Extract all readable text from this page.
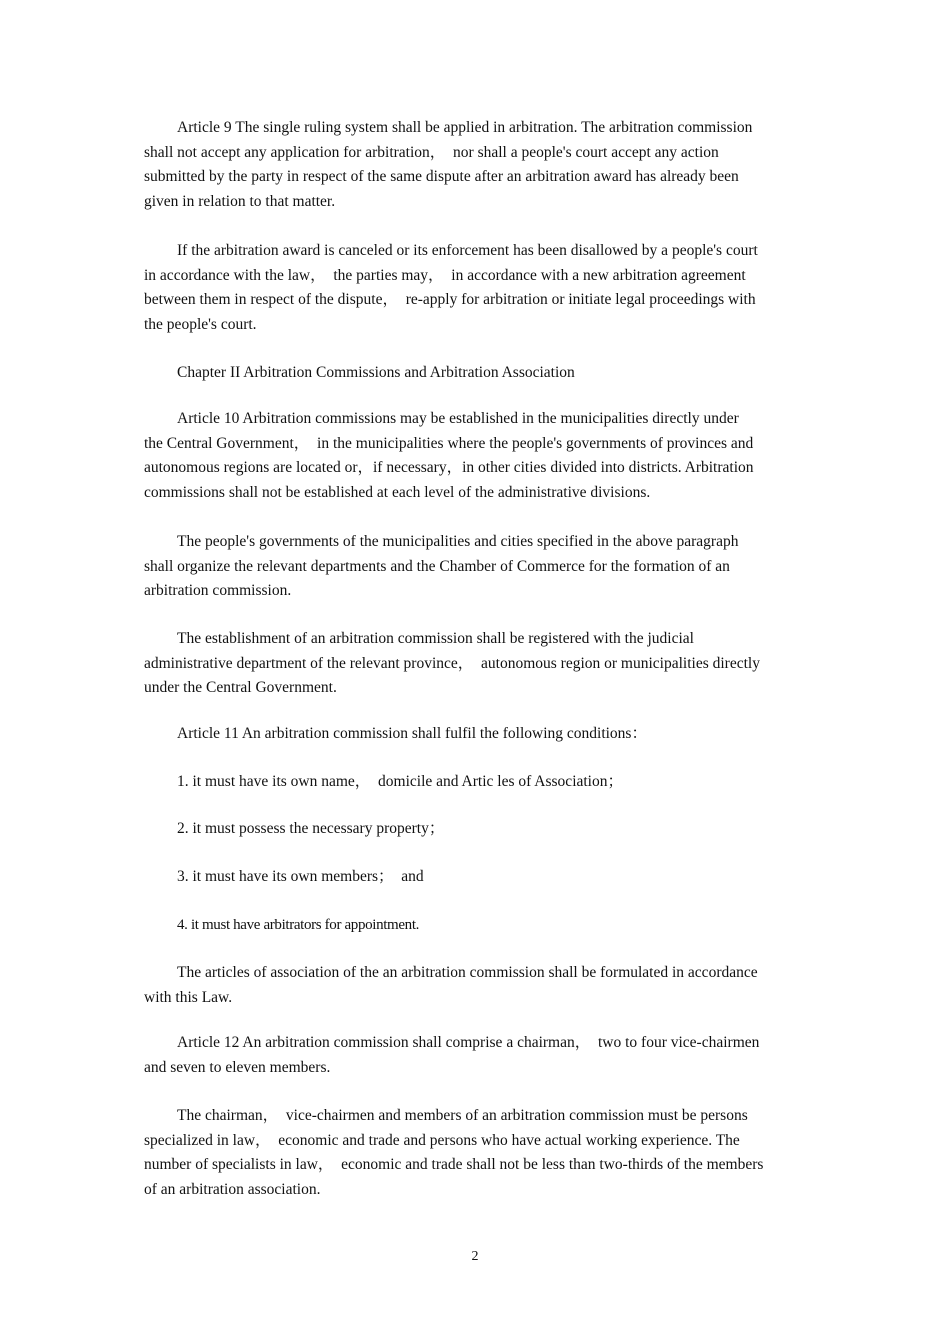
Article 9 The single ruling system shall be applied in arbitration. The arbitration commission
shall not accept any application for arbitration，  nor shall a people's court accept any action
submitted by the party in respect of the same dispute after an arbitration award has already been
given in relation to that matter.
If the arbitration award is canceled or its enforcement has been disallowed by a people's court
in accordance with the law，  the parties may，  in accordance with a new arbitration agreement
between them in respect of the dispute，  re-apply for arbitration or initiate legal proceedings with
the people's court.
Chapter II Arbitration Commissions and Arbitration Association
Article 10 Arbitration commissions may be established in the municipalities directly under
the Central Government，  in the municipalities where the people's governments of provinces and
autonomous regions are located or，if necessary，in other cities divided into districts. Arbitration
commissions shall not be established at each level of the administrative divisions.
The people's governments of the municipalities and cities specified in the above paragraph
shall organize the relevant departments and the Chamber of Commerce for the formation of an
arbitration commission.
The establishment of an arbitration commission shall be registered with the judicial
administrative department of the relevant province，  autonomous region or municipalities directly
under the Central Government.
Article 11 An arbitration commission shall fulfil the following conditions：
1. it must have its own name，  domicile and Artic les of Association；
2. it must possess the necessary property；
3. it must have its own members；  and
4. it must have arbitrators for appointment.
The articles of association of the an arbitration commission shall be formulated in accordance
with this Law.
Article 12 An arbitration commission shall comprise a chairman，  two to four vice-chairmen
and seven to eleven members.
The chairman，  vice-chairmen and members of an arbitration commission must be persons
specialized in law，  economic and trade and persons who have actual working experience. The
number of specialists in law，  economic and trade shall not be less than two-thirds of the members
of an arbitration association.
2
